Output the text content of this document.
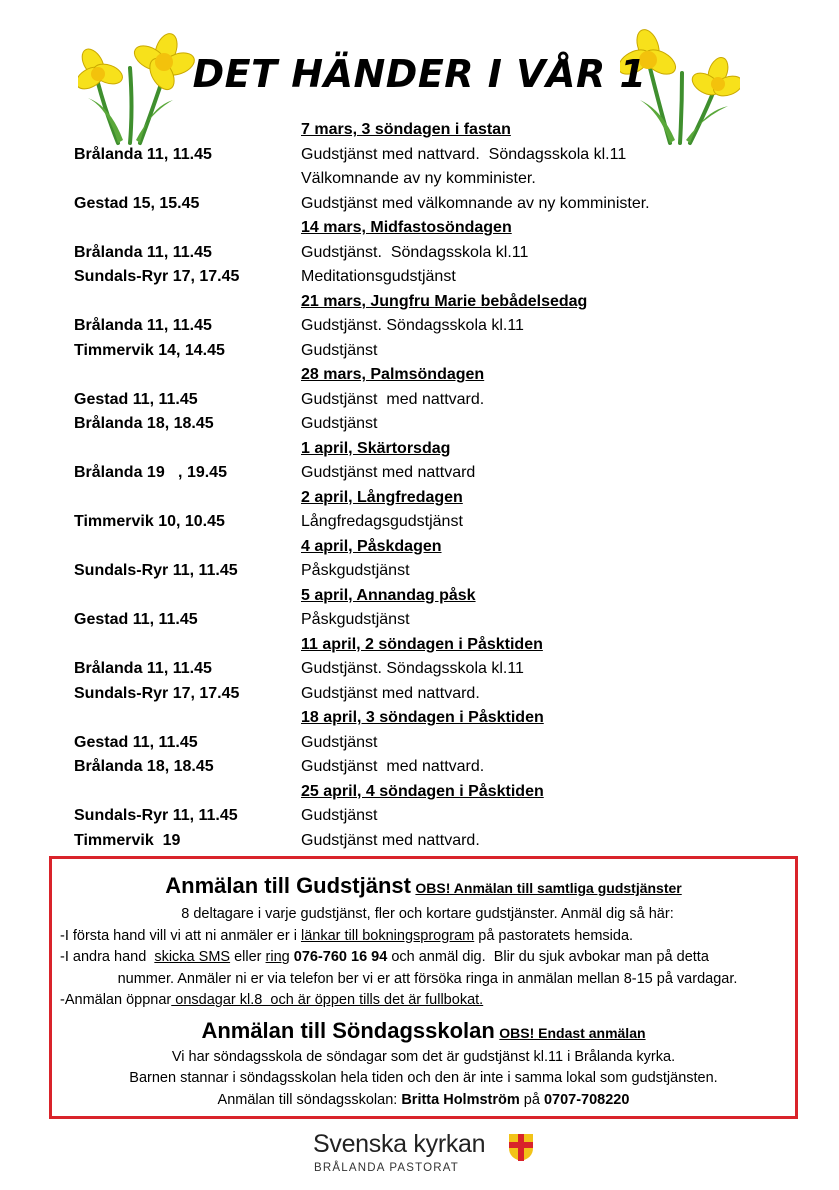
DET HÄNDER I VÅR 1
7 mars, 3 söndagen i fastan
Brålanda 11, 11.45	Gudstjänst med nattvard.  Söndagsskola kl.11
Välkomnande av ny komminister.
Gestad 15, 15.45	Gudstjänst med välkomnande av ny komminister.
14 mars, Midfastosöndagen
Brålanda 11, 11.45	Gudstjänst.  Söndagsskola kl.11
Sundals-Ryr 17, 17.45	Meditationsgudstjänst
21 mars, Jungfru Marie bebådelsedag
Brålanda 11, 11.45	Gudstjänst. Söndagsskola kl.11
Timmervik 14, 14.45	Gudstjänst
28 mars, Palmsöndagen
Gestad 11, 11.45	Gudstjänst  med nattvard.
Brålanda 18, 18.45	Gudstjänst
1 april, Skärtorsdag
Brålanda 19   , 19.45	Gudstjänst med nattvard
2 april, Långfredagen
Timmervik 10, 10.45	Långfredagsgudstjänst
4 april, Påskdagen
Sundals-Ryr 11, 11.45	Påskgudstjänst
5 april, Annandag påsk
Gestad 11, 11.45	Påskgudstjänst
11 april, 2 söndagen i Påsktiden
Brålanda 11, 11.45	Gudstjänst. Söndagsskola kl.11
Sundals-Ryr 17, 17.45	Gudstjänst med nattvard.
18 april, 3 söndagen i Påsktiden
Gestad 11, 11.45	Gudstjänst
Brålanda 18, 18.45	Gudstjänst  med nattvard.
25 april, 4 söndagen i Påsktiden
Sundals-Ryr 11, 11.45	Gudstjänst
Timmervik  19	Gudstjänst med nattvard.
Anmälan till Gudstjänst OBS! Anmälan till samtliga gudstjänster
8 deltagare i varje gudstjänst, fler och kortare gudstjänster. Anmäl dig så här:
-I första hand vill vi att ni anmäler er i länkar till bokningsprogram på pastoratets hemsida.
-I andra hand  skicka SMS eller ring 076-760 16 94 och anmäl dig.  Blir du sjuk avbokar man på detta
nummer. Anmäler ni er via telefon ber vi er att försöka ringa in anmälan mellan 8-15 på vardagar.
-Anmälan öppnar onsdagar kl.8  och är öppen tills det är fullbokat.
Anmälan till Söndagsskolan OBS! Endast anmälan
Vi har söndagsskola de söndagar som det är gudstjänst kl.11 i Brålanda kyrka.
Barnen stannar i söndagsskolan hela tiden och den är inte i samma lokal som gudstjänsten.
Anmälan till söndagsskolan: Britta Holmström på 0707-708220
Svenska kyrkan
BRÅLANDA PASTORAT
